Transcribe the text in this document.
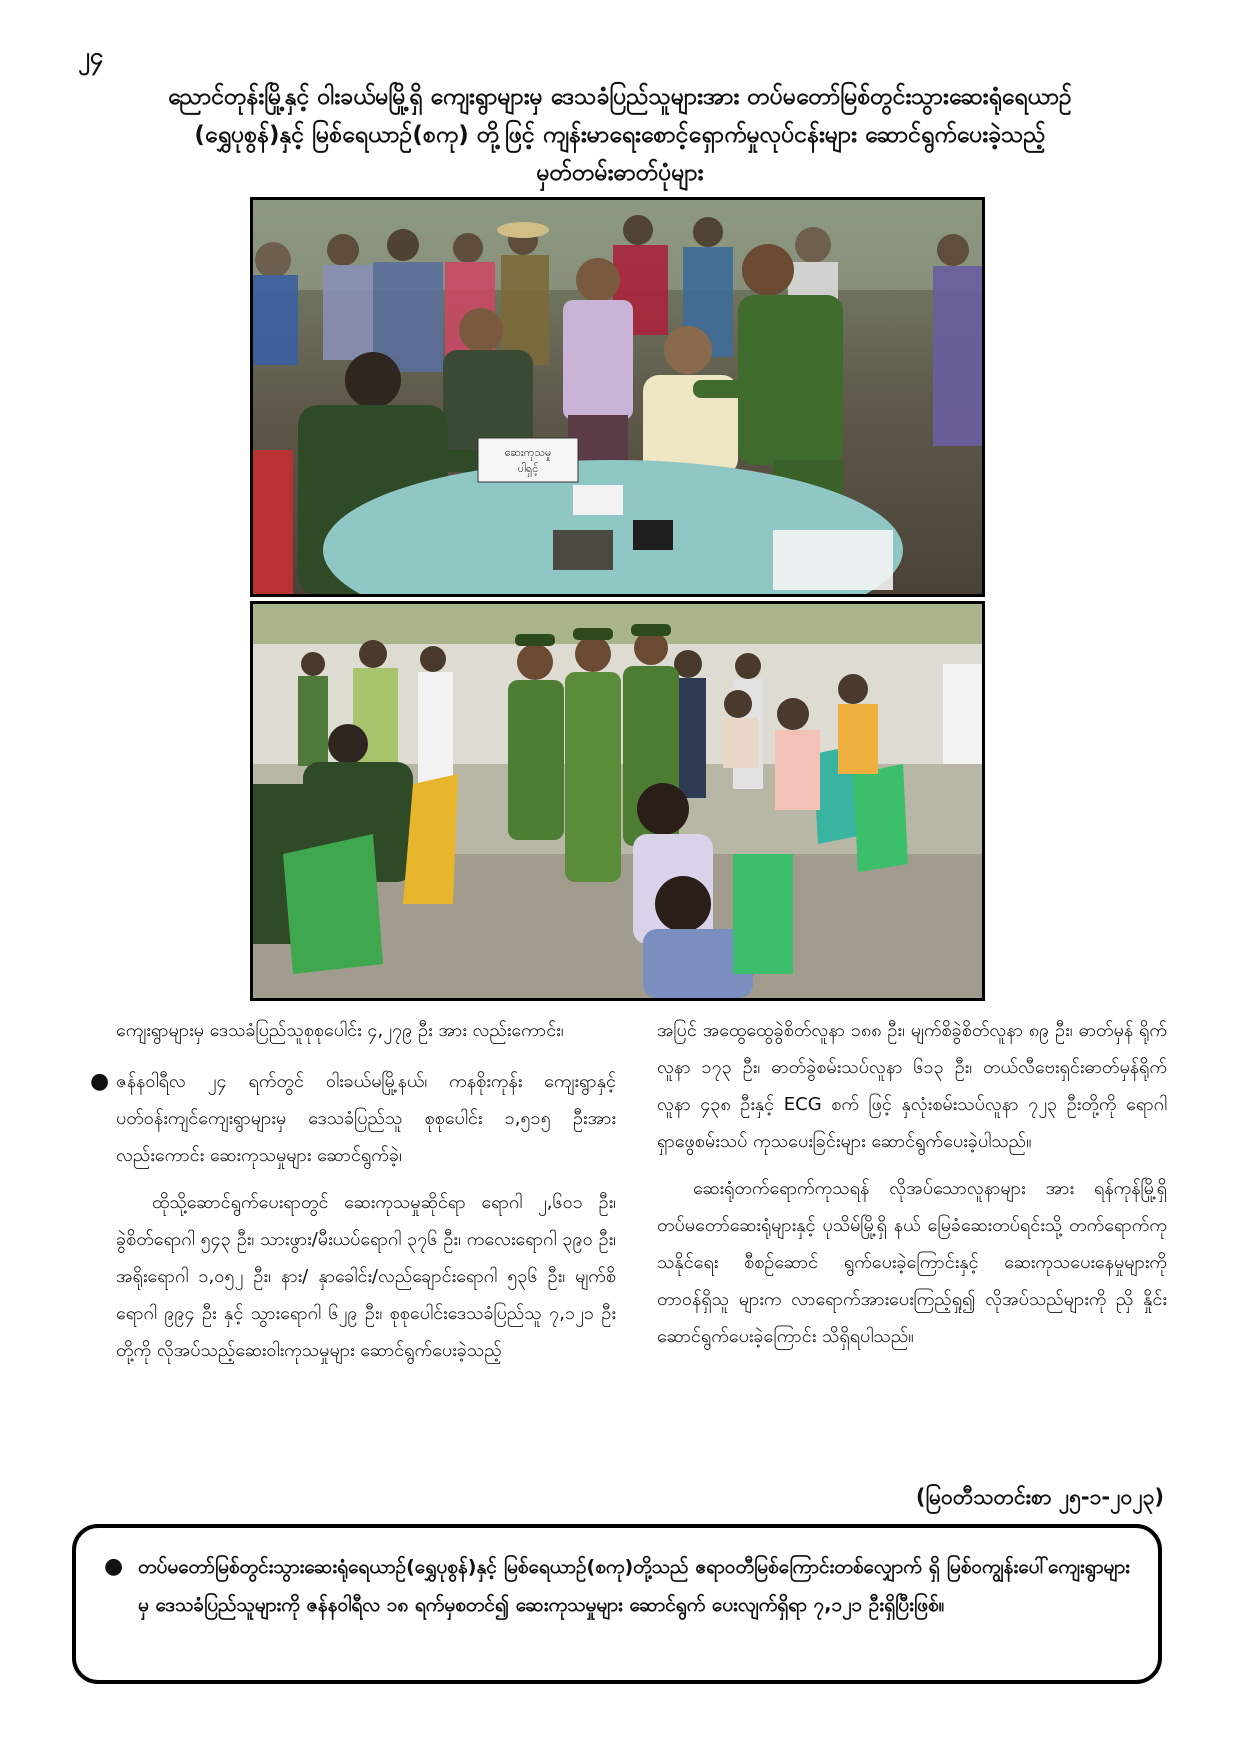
၂၄
ညောင်တုန်းမြို့နှင့် ဝါးခယ်မမြို့ရှိ ကျေးရွာများမှ ဒေသခံပြည်သူများအား တပ်မတော်မြစ်တွင်းသွားဆေးရုံရေယာဉ်
(ရွှေပုစွန်)နှင့် မြစ်ရေယာဉ်(စကု) တို့ဖြင့် ကျန်းမာရေးစောင့်ရှောက်မှုလုပ်ငန်းများ ဆောင်ရွက်ပေးခဲ့သည့်
မှတ်တမ်းဓာတ်ပုံများ
ဆေးကုသမှု
ပါရှင့်

ကျေးရွာများမှ ဒေသခံပြည်သူစုစုပေါင်း ၄,၂၇၉ ဦး အား လည်းကောင်း၊

● ဇန်နဝါရီလ ၂၄ ရက်တွင် ဝါးခယ်မမြို့နယ်၊ ကနစိုးကုန်း ကျေးရွာနှင့် ပတ်ဝန်းကျင်ကျေးရွာများမှ ဒေသခံပြည်သူ စုစုပေါင်း ၁,၅၁၅ ဦးအားလည်းကောင်း ဆေးကုသမှုများ ဆောင်ရွက်ခဲ့၊

ထိုသို့ဆောင်ရွက်ပေးရာတွင် ဆေးကုသမှုဆိုင်ရာ ရောဂါ ၂,၆၀၁ ဦး၊ ခွဲစိတ်ရောဂါ ၅၄၃ ဦး၊ သားဖွား/မီးယပ်ရောဂါ ၃၇၆ ဦး၊ ကလေးရောဂါ ၃၉၀ ဦး၊ အရိုးရောဂါ ၁,၀၅၂ ဦး၊ နား/ နှာခေါင်း/လည်ချောင်းရောဂါ ၅၃၆ ဦး၊ မျက်စိရောဂါ ၉၉၄ ဦး နှင့် သွားရောဂါ ၆၂၉ ဦး၊ စုစုပေါင်းဒေသခံပြည်သူ ၇,၁၂၁ ဦး တို့ကို လိုအပ်သည့်ဆေးဝါးကုသမှုများ ဆောင်ရွက်ပေးခဲ့သည့်

အပြင် အထွေထွေခွဲစိတ်လူနာ ၁၈၈ ဦး၊ မျက်စိခွဲစိတ်လူနာ ၈၉ ဦး၊ ဓာတ်မှန် ရိုက်လူနာ ၁၇၃ ဦး၊ ဓာတ်ခွဲစမ်းသပ်လူနာ ၆၁၃ ဦး၊ တယ်လီဗေးရှင်းဓာတ်မှန်ရိုက်လူနာ ၄၃၈ ဦးနှင့် ECG စက် ဖြင့် နှလုံးစမ်းသပ်လူနာ ၇၂၃ ဦးတို့ကို ရောဂါရှာဖွေစမ်းသပ် ကုသပေးခြင်းများ ဆောင်ရွက်ပေးခဲ့ပါသည်။

ဆေးရုံတက်ရောက်ကုသရန် လိုအပ်သောလူနာများ အား ရန်ကုန်မြို့ရှိ တပ်မတော်ဆေးရုံများနှင့် ပုသိမ်မြို့ရှိ နယ် မြေခံဆေးတပ်ရင်းသို့ တက်ရောက်ကုသနိုင်ရေး စီစဉ်ဆောင် ရွက်ပေးခဲ့ကြောင်းနှင့် ဆေးကုသပေးနေမှုများကို တာဝန်ရှိသူ များက လာရောက်အားပေးကြည့်ရှု၍ လိုအပ်သည်များကို ညှိ နှိုင်းဆောင်ရွက်ပေးခဲ့ကြောင်း သိရှိရပါသည်။

(မြဝတီသတင်းစာ ၂၅-၁-၂၀၂၃)
● တပ်မတော်မြစ်တွင်းသွားဆေးရုံရေယာဉ်(ရွှေပုစွန်)နှင့် မြစ်ရေယာဉ်(စကု)တို့သည် ဧရာဝတီမြစ်ကြောင်းတစ်လျှောက် ရှိ မြစ်ဝကျွန်းပေါ်ကျေးရွာများမှ ဒေသခံပြည်သူများကို ဇန်နဝါရီလ ၁၈ ရက်မှစတင်၍ ဆေးကုသမှုများ ဆောင်ရွက် ပေးလျက်ရှိရာ ၇,၁၂၁ ဦးရှိပြီးဖြစ်။
